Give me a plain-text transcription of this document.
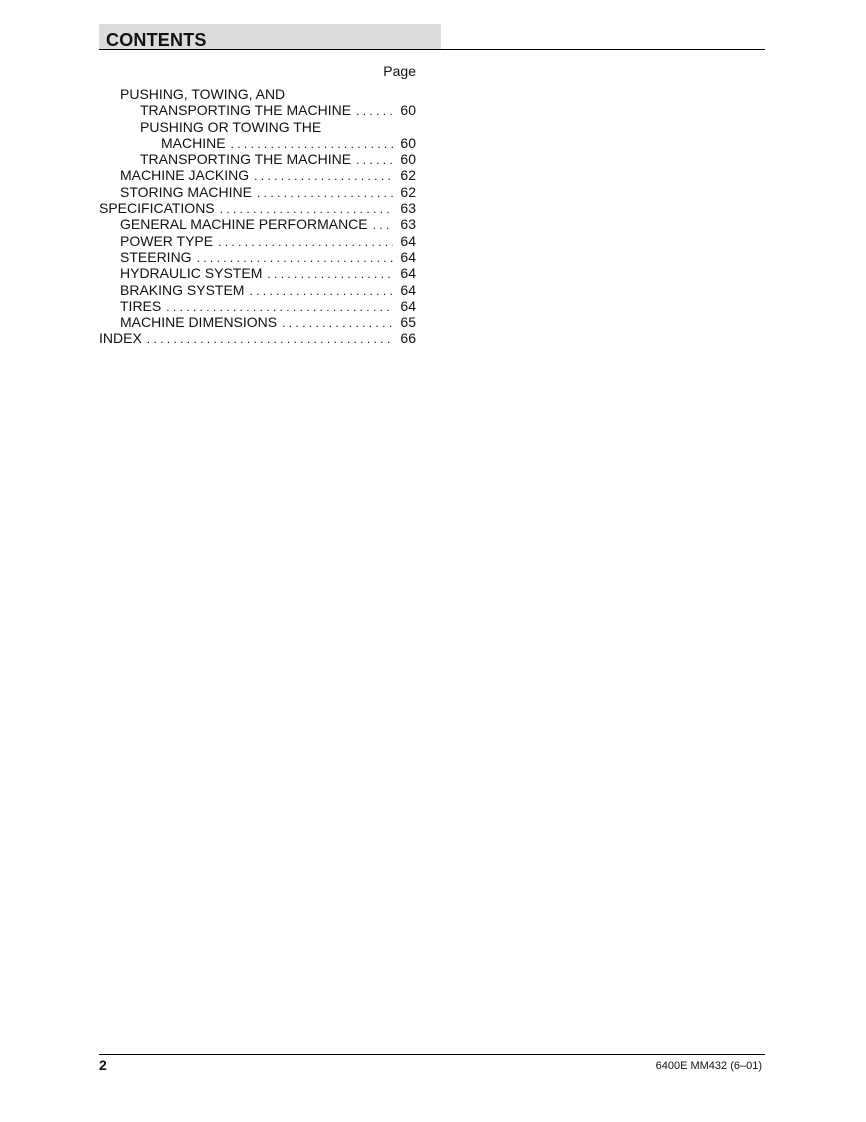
CONTENTS
Page
PUSHING, TOWING, AND
TRANSPORTING THE MACHINE . . .	60
PUSHING OR TOWING THE
MACHINE . . .	60
TRANSPORTING THE MACHINE . . .	60
MACHINE JACKING . . .	62
STORING MACHINE . . .	62
SPECIFICATIONS . . .	63
GENERAL MACHINE PERFORMANCE . . .	63
POWER TYPE . . .	64
STEERING . . .	64
HYDRAULIC SYSTEM . . .	64
BRAKING SYSTEM . . .	64
TIRES . . .	64
MACHINE DIMENSIONS . . .	65
INDEX . . .	66
2	6400E MM432 (6–01)
